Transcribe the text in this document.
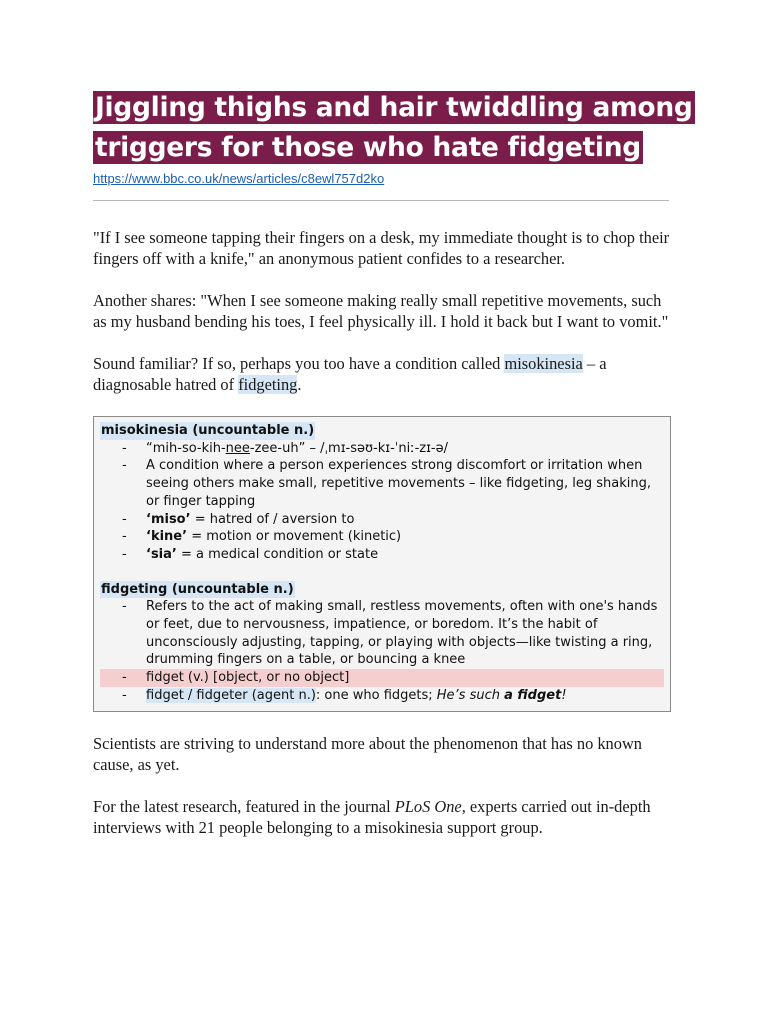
Jiggling thighs and hair twiddling among
triggers for those who hate fidgeting
https://www.bbc.co.uk/news/articles/c8ewl757d2ko

"If I see someone tapping their fingers on a desk, my immediate thought is to chop their fingers off with a knife," an anonymous patient confides to a researcher.

Another shares: "When I see someone making really small repetitive movements, such as my husband bending his toes, I feel physically ill. I hold it back but I want to vomit."

Sound familiar? If so, perhaps you too have a condition called misokinesia – a diagnosable hatred of fidgeting.

misokinesia (uncountable n.)

- “mih-so-kih-nee-zee-uh” – /ˌmɪ-səʊ-kɪ-ˈniː-zɪ-ə/
- A condition where a person experiences strong discomfort or irritation when seeing others make small, repetitive movements – like fidgeting, leg shaking, or finger tapping
- ‘miso’ = hatred of / aversion to
- ‘kine’ = motion or movement (kinetic)
- ‘sia’ = a medical condition or state

fidgeting (uncountable n.)

- Refers to the act of making small, restless movements, often with one's hands or feet, due to nervousness, impatience, or boredom. It’s the habit of unconsciously adjusting, tapping, or playing with objects—like twisting a ring, drumming fingers on a table, or bouncing a knee
- fidget (v.) [object, or no object]
- fidget / fidgeter (agent n.): one who fidgets; He’s such a fidget!

Scientists are striving to understand more about the phenomenon that has no known cause, as yet.

For the latest research, featured in the journal PLoS One, experts carried out in-depth interviews with 21 people belonging to a misokinesia support group.
